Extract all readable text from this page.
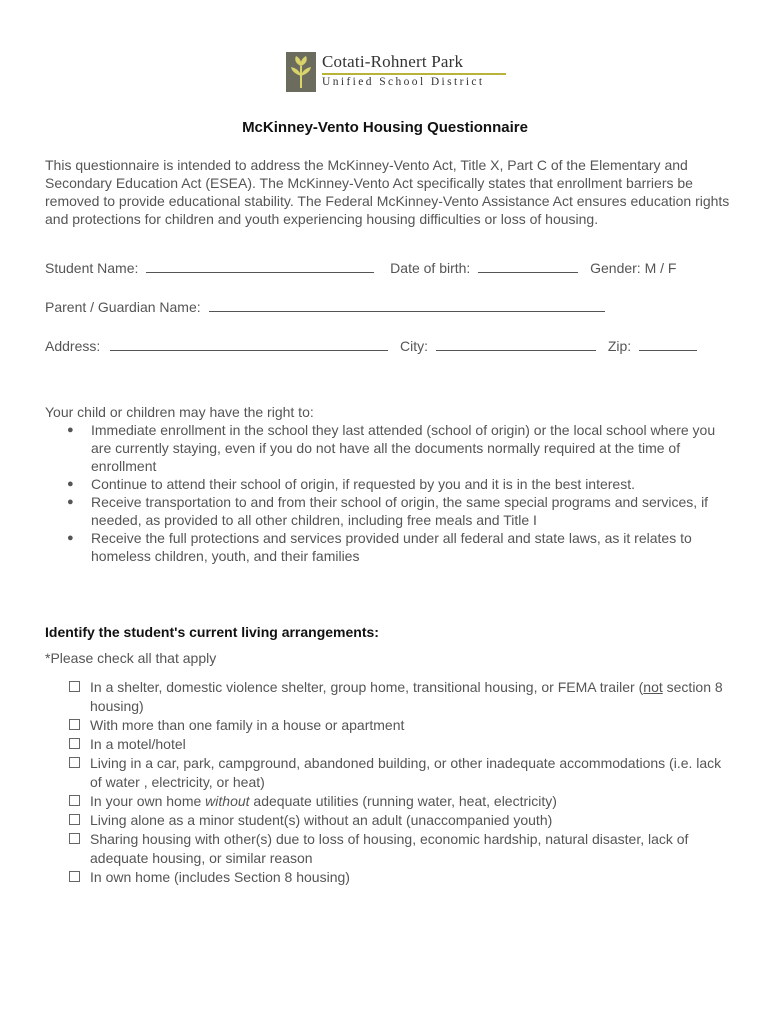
Cotati-Rohnert Park
Unified School District
McKinney-Vento Housing Questionnaire

This questionnaire is intended to address the McKinney-Vento Act, Title X, Part C of the Elementary and Secondary Education Act (ESEA). The McKinney-Vento Act specifically states that enrollment barriers be removed to provide educational stability. The Federal McKinney-Vento Assistance Act ensures education rights and protections for children and youth experiencing housing difficulties or loss of housing.

Student Name:	Date of birth:	Gender: M / F
Parent / Guardian Name:
Address:	City:	Zip:
Your child or children may have the right to:
● Immediate enrollment in the school they last attended (school of origin) or the local school where you are currently staying, even if you do not have all the documents normally required at the time of enrollment
● Continue to attend their school of origin, if requested by you and it is in the best interest.
● Receive transportation to and from their school of origin, the same special programs and services, if needed, as provided to all other children, including free meals and Title I
● Receive the full protections and services provided under all federal and state laws, as it relates to homeless children, youth, and their families
Identify the student's current living arrangements:
*Please check all that apply
In a shelter, domestic violence shelter, group home, transitional housing, or FEMA trailer (not section 8 housing)
With more than one family in a house or apartment
In a motel/hotel
Living in a car, park, campground, abandoned building, or other inadequate accommodations (i.e. lack of water , electricity, or heat)
In your own home without adequate utilities (running water, heat, electricity)
Living alone as a minor student(s) without an adult (unaccompanied youth)
Sharing housing with other(s) due to loss of housing, economic hardship, natural disaster, lack of adequate housing, or similar reason
In own home (includes Section 8 housing)
